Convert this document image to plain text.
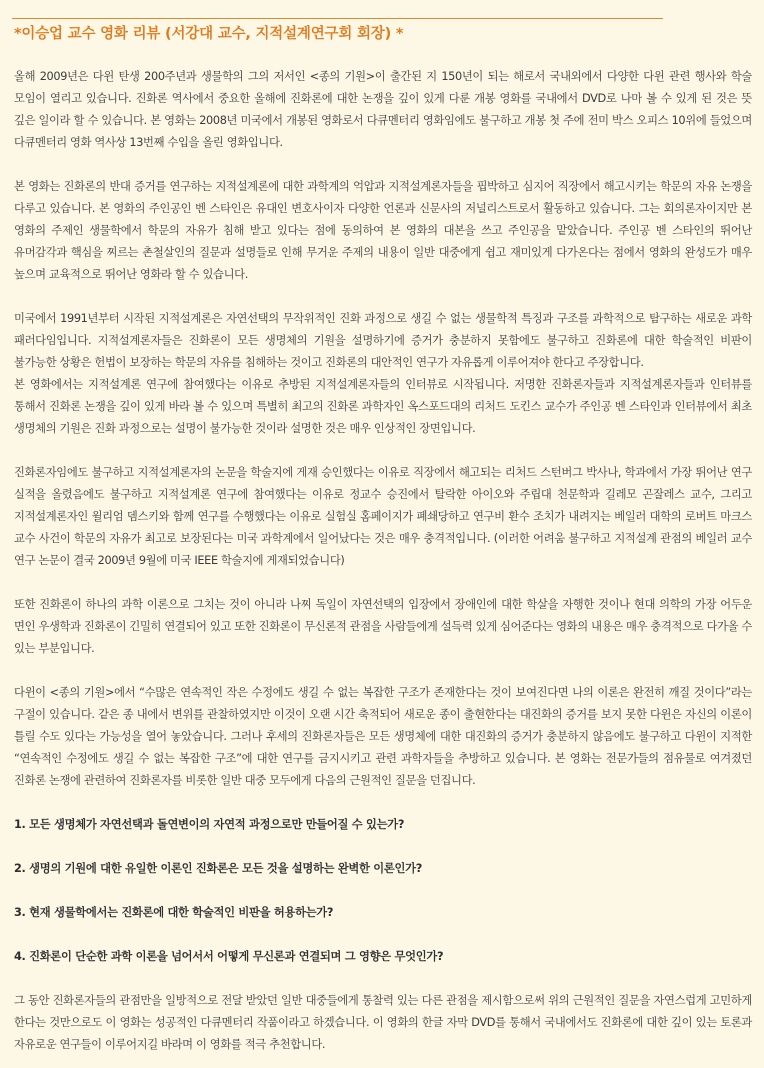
*이승업 교수 영화 리뷰 (서강대 교수, 지적설계연구회 회장) *

올해 2009년은 다윈 탄생 200주년과 생물학의 그의 저서인 <종의 기원>이 출간된 지 150년이 되는 해로서 국내외에서 다양한 다윈 관련 행사와 학술 모임이 열리고 있습니다. 진화론 역사에서 중요한 올해에 진화론에 대한 논쟁을 깊이 있게 다룬 개봉 영화를 국내에서 DVD로 나마 볼 수 있게 된 것은 뜻 깊은 일이라 할 수 있습니다. 본 영화는 2008년 미국에서 개봉된 영화로서 다큐멘터리 영화임에도 불구하고 개봉 첫 주에 전미 박스 오피스 10위에 들었으며 다큐멘터리 영화 역사상 13번째 수입을 올린 영화입니다.

본 영화는 진화론의 반대 증거를 연구하는 지적설계론에 대한 과학계의 억압과 지적설계론자들을 핍박하고 심지어 직장에서 해고시키는 학문의 자유 논쟁을 다루고 있습니다. 본 영화의 주인공인 벤 스타인은 유대인 변호사이자 다양한 언론과 신문사의 저널리스트로서 활동하고 있습니다. 그는 회의론자이지만 본 영화의 주제인 생물학에서 학문의 자유가 침해 받고 있다는 점에 동의하여 본 영화의 대본을 쓰고 주인공을 맡았습니다. 주인공 벤 스타인의 뛰어난 유머감각과 핵심을 찌르는 촌철살인의 질문과 설명들로 인해 무거운 주제의 내용이 일반 대중에게 쉽고 재미있게 다가온다는 점에서 영화의 완성도가 매우 높으며 교육적으로 뛰어난 영화라 할 수 있습니다.

미국에서 1991년부터 시작된 지적설계론은 자연선택의 무작위적인 진화 과정으로 생길 수 없는 생물학적 특징과 구조를 과학적으로 탐구하는 새로운 과학 패러다임입니다. 지적설계론자들은 진화론이 모든 생명체의 기원을 설명하기에 증거가 충분하지 못함에도 불구하고 진화론에 대한 학술적인 비판이 불가능한 상황은 헌법이 보장하는 학문의 자유를 침해하는 것이고 진화론의 대안적인 연구가 자유롭게 이루어져야 한다고 주장합니다.

본 영화에서는 지적설계론 연구에 참여했다는 이유로 추방된 지적설계론자들의 인터뷰로 시작됩니다. 저명한 진화론자들과 지적설계론자들과 인터뷰를 통해서 진화론 논쟁을 깊이 있게 바라 볼 수 있으며 특별히 최고의 진화론 과학자인 옥스포드대의 리처드 도킨스 교수가 주인공 벤 스타인과 인터뷰에서 최초 생명체의 기원은 진화 과정으로는 설명이 불가능한 것이라 설명한 것은 매우 인상적인 장면입니다.

진화론자임에도 불구하고 지적설계론자의 논문을 학술지에 게재 승인했다는 이유로 직장에서 해고되는 리처드 스턴버그 박사나, 학과에서 가장 뛰어난 연구 실적을 올렸음에도 불구하고 지적설계론 연구에 참여했다는 이유로 정교수 승진에서 탈락한 아이오와 주립대 천문학과 길레모 곤잘레스 교수, 그리고 지적설계론자인 윌리엄 뎀스키와 함께 연구를 수행했다는 이유로 실험실 홈페이지가 폐쇄당하고 연구비 환수 조치가 내려지는 베일러 대학의 로버트 마크스 교수 사건이 학문의 자유가 최고로 보장된다는 미국 과학계에서 일어났다는 것은 매우 충격적입니다. (이러한 어려움 불구하고 지적설계 관점의 베일러 교수 연구 논문이 결국 2009년 9월에 미국 IEEE 학술지에 게재되었습니다)

또한 진화론이 하나의 과학 이론으로 그치는 것이 아니라 나찌 독일이 자연선택의 입장에서 장애인에 대한 학살을 자행한 것이나 현대 의학의 가장 어두운 면인 우생학과 진화론이 긴밀히 연결되어 있고 또한 진화론이 무신론적 관점을 사람들에게 설득력 있게 심어준다는 영화의 내용은 매우 충격적으로 다가올 수 있는 부분입니다.

다윈이 <종의 기원>에서 “수많은 연속적인 작은 수정에도 생길 수 없는 복잡한 구조가 존재한다는 것이 보여진다면 나의 이론은 완전히 깨질 것이다”라는 구절이 있습니다. 같은 종 내에서 변위를 관찰하였지만 이것이 오랜 시간 축적되어 새로운 종이 출현한다는 대진화의 증거를 보지 못한 다윈은 자신의 이론이 틀릴 수도 있다는 가능성을 열어 놓았습니다. 그러나 후세의 진화론자들은 모든 생명체에 대한 대진화의 증거가 충분하지 않음에도 불구하고 다윈이 지적한 “연속적인 수정에도 생길 수 없는 복잡한 구조”에 대한 연구를 금지시키고 관련 과학자들을 추방하고 있습니다. 본 영화는 전문가들의 점유물로 여겨졌던 진화론 논쟁에 관련하여 진화론자를 비롯한 일반 대중 모두에게 다음의 근원적인 질문을 던집니다.

1. 모든 생명체가 자연선택과 돌연변이의 자연적 과정으로만 만들어질 수 있는가?

2. 생명의 기원에 대한 유일한 이론인 진화론은 모든 것을 설명하는 완벽한 이론인가?

3. 현재 생물학에서는 진화론에 대한 학술적인 비판을 허용하는가?

4. 진화론이 단순한 과학 이론을 넘어서서 어떻게 무신론과 연결되며 그 영향은 무엇인가?

그 동안 진화론자들의 관점만을 일방적으로 전달 받았던 일반 대중들에게 통찰력 있는 다른 관점을 제시함으로써 위의 근원적인 질문을 자연스럽게 고민하게 한다는 것만으로도 이 영화는 성공적인 다큐멘터리 작품이라고 하겠습니다. 이 영화의 한글 자막 DVD를 통해서 국내에서도 진화론에 대한 깊이 있는 토론과 자유로운 연구들이 이루어지길 바라며 이 영화를 적극 추천합니다.
